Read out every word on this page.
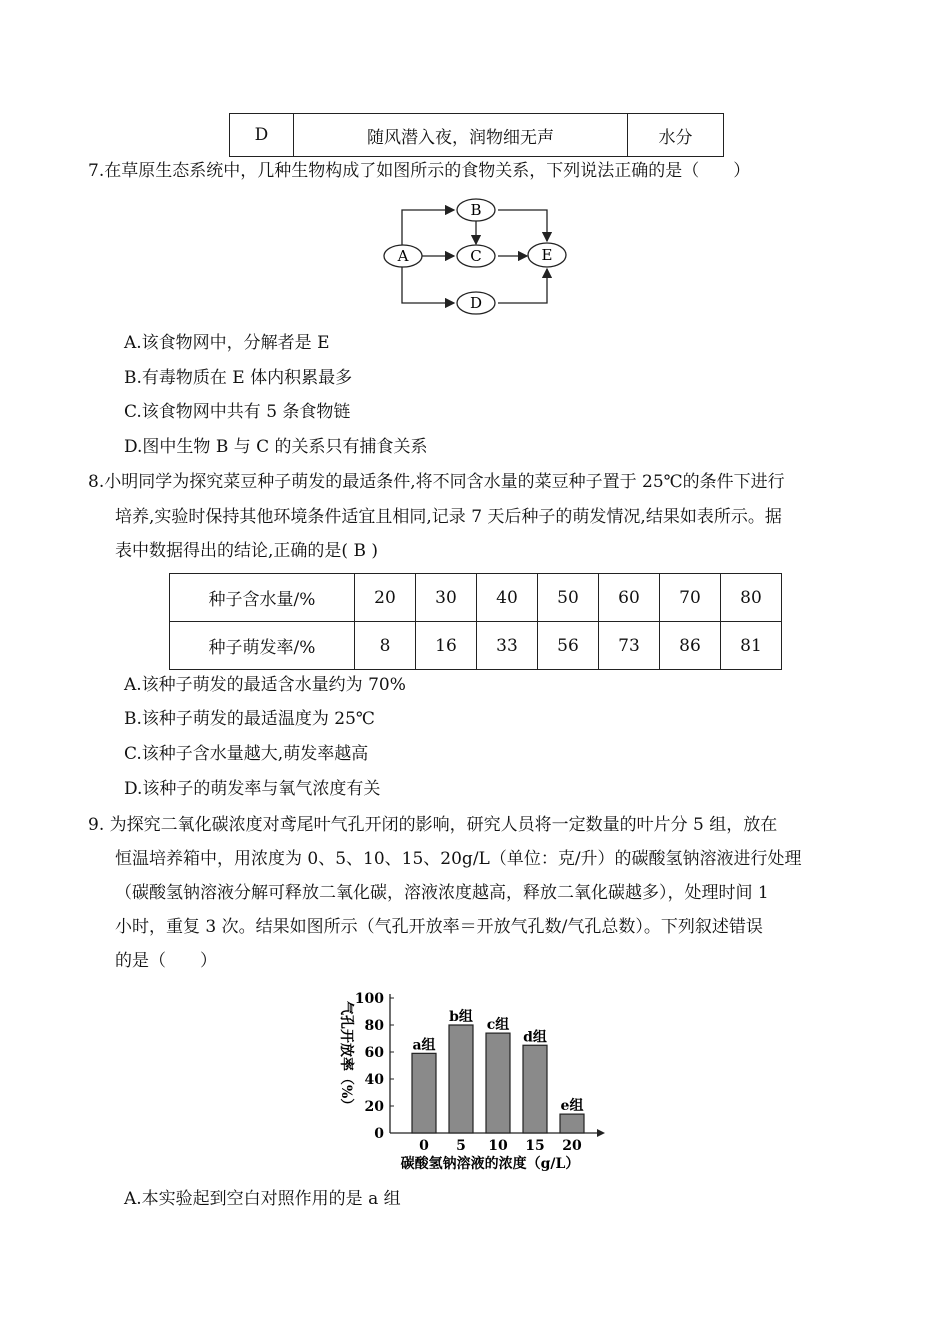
D	随风潜入夜，润物细无声	水分
7.在草原生态系统中，几种生物构成了如图所示的食物关系，下列说法正确的是（　　）
A
B
C
D
E
A.该食物网中，分解者是 E
B.有毒物质在 E 体内积累最多
C.该食物网中共有 5 条食物链
D.图中生物 B 与 C 的关系只有捕食关系
8.小明同学为探究菜豆种子萌发的最适条件,将不同含水量的菜豆种子置于 25℃的条件下进行
培养,实验时保持其他环境条件适宜且相同,记录 7 天后种子的萌发情况,结果如表所示。据
表中数据得出的结论,正确的是( B )
种子含水量/%	20	30	40	50	60	70	80
种子萌发率/%	8	16	33	56	73	86	81
A.该种子萌发的最适含水量约为 70%
B.该种子萌发的最适温度为 25℃
C.该种子含水量越大,萌发率越高
D.该种子的萌发率与氧气浓度有关
9. 为探究二氧化碳浓度对鸢尾叶气孔开闭的影响，研究人员将一定数量的叶片分 5 组，放在
恒温培养箱中，用浓度为 0、5、10、15、20g/L（单位：克/升）的碳酸氢钠溶液进行处理
（碳酸氢钠溶液分解可释放二氧化碳，溶液浓度越高，释放二氧化碳越多），处理时间 1
小时，重复 3 次。结果如图所示（气孔开放率＝开放气孔数/气孔总数）。下列叙述错误
的是（　　）
气孔开放率（%）
0
20
40
60
80
100
0
a组
5
b组
10
c组
15
d组
20
e组
碳酸氢钠溶液的浓度（g/L）
A.本实验起到空白对照作用的是 a 组
